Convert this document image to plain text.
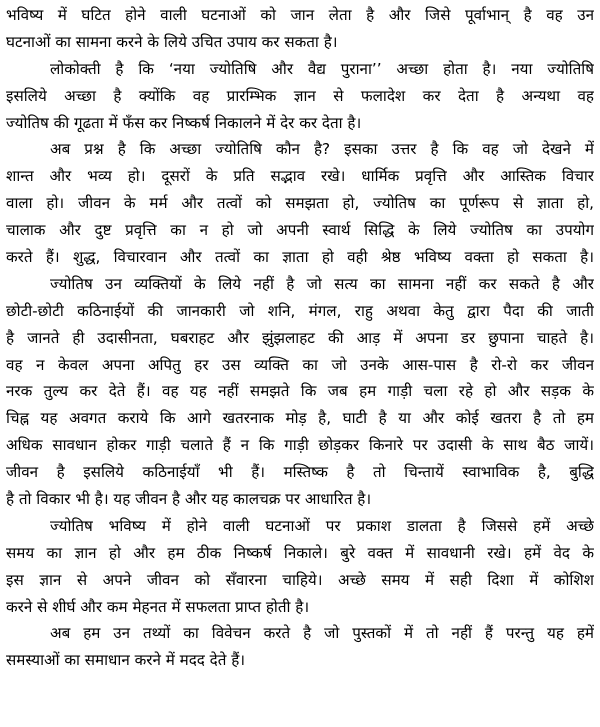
भविष्य में घटित होने वाली घटनाओं को जान लेता है और जिसे पूर्वाभान् है वह उन
घटनाओं का सामना करने के लिये उचित उपाय कर सकता है।
लोकोक्ती है कि ‘नया ज्योतिषि और वैद्य पुराना’’ अच्छा होता है। नया ज्योतिषि
इसलिये अच्छा है क्योंकि वह प्रारम्भिक ज्ञान से फलादेश कर देता है अन्यथा वह
ज्योतिष की गूढता में फँस कर निष्कर्ष निकालने में देर कर देता है।
अब प्रश्न है कि अच्छा ज्योतिषि कौन है? इसका उत्तर है कि वह जो देखने में
शान्त और भव्य हो। दूसरों के प्रति सद्भाव रखे। धार्मिक प्रवृत्ति और आस्तिक विचार
वाला हो। जीवन के मर्म और तत्वों को समझता हो, ज्योतिष का पूर्णरूप से ज्ञाता हो,
चालाक और दुष्ट प्रवृत्ति का न हो जो अपनी स्वार्थ सिद्धि के लिये ज्योतिष का उपयोग
करते हैं। शुद्ध, विचारवान और तत्वों का ज्ञाता हो वही श्रेष्ठ भविष्य वक्ता हो सकता है।
ज्योतिष उन व्यक्तियों के लिये नहीं है जो सत्य का सामना नहीं कर सकते है और
छोटी-छोटी कठिनाईयों की जानकारी जो शनि, मंगल, राहु अथवा केतु द्वारा पैदा की जाती
है जानते ही उदासीनता, घबराहट और झुंझलाहट की आड़ में अपना डर छुपाना चाहते है।
वह न केवल अपना अपितु हर उस व्यक्ति का जो उनके आस-पास है रो-रो कर जीवन
नरक तुल्य कर देते हैं। वह यह नहीं समझते कि जब हम गाड़ी चला रहे हो और सड़क के
चिह्न यह अवगत कराये कि आगे खतरनाक मोड़ है, घाटी है या और कोई खतरा है तो हम
अधिक सावधान होकर गाड़ी चलाते हैं न कि गाड़ी छोड़कर किनारे पर उदासी के साथ बैठ जायें।
जीवन है इसलिये कठिनाईयाँ भी हैं। मस्तिष्क है तो चिन्तायें स्वाभाविक है, बुद्धि
है तो विकार भी है। यह जीवन है और यह कालचक्र पर आधारित है।
ज्योतिष भविष्य में होने वाली घटनाओं पर प्रकाश डालता है जिससे हमें अच्छे
समय का ज्ञान हो और हम ठीक निष्कर्ष निकाले। बुरे वक्त में सावधानी रखे। हमें वेद के
इस ज्ञान से अपने जीवन को सँवारना चाहिये। अच्छे समय में सही दिशा में कोशिश
करने से शीर्घ और कम मेहनत में सफलता प्राप्त होती है।
अब हम उन तथ्यों का विवेचन करते है जो पुस्तकों में तो नहीं हैं परन्तु यह हमें
समस्याओं का समाधान करने में मदद देते हैं।
